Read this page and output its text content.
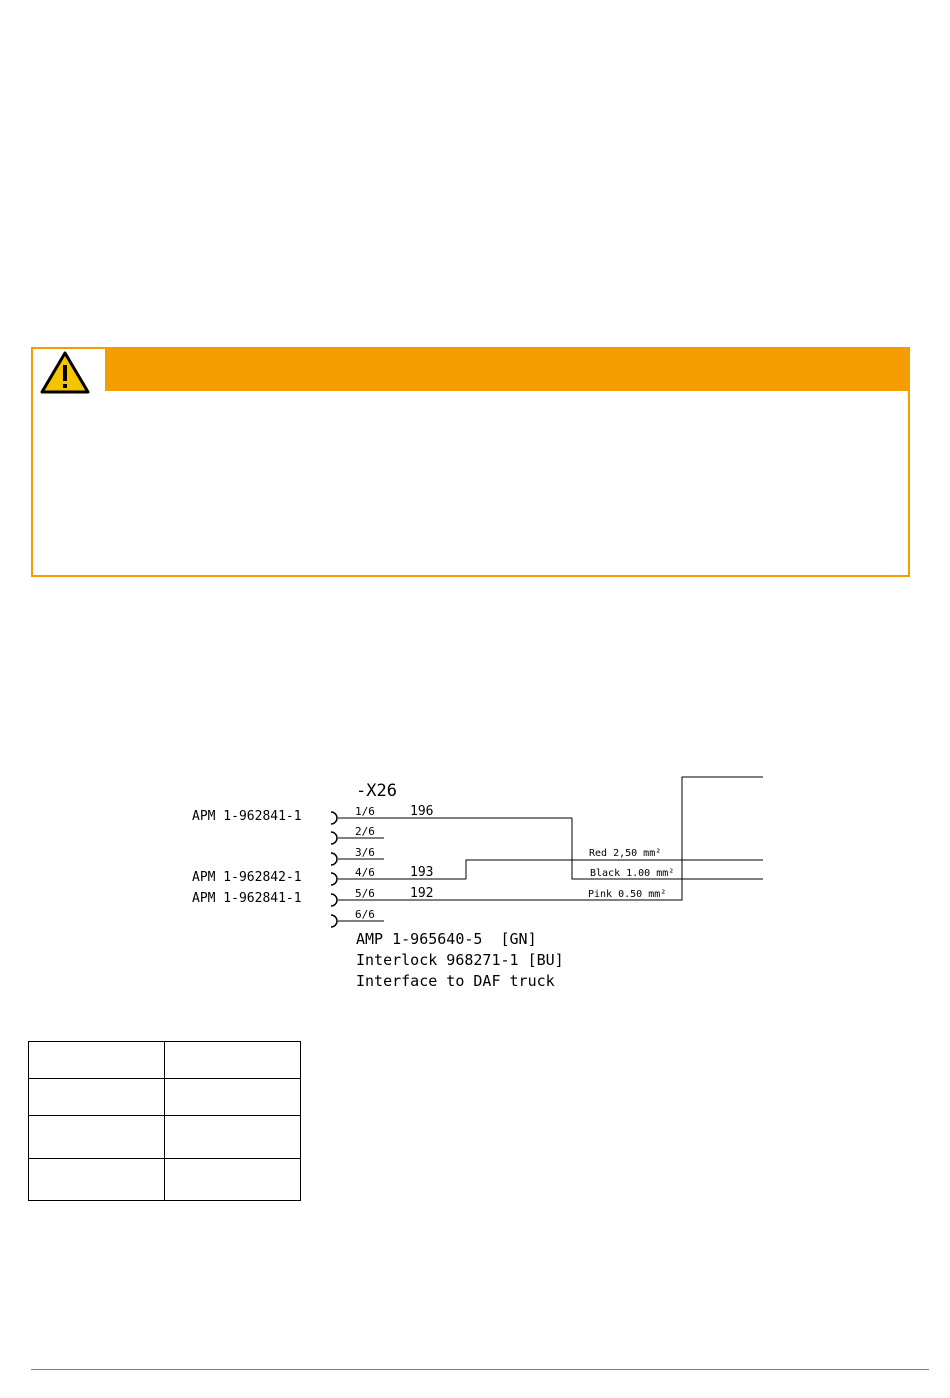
-X26
APM 1-962841-1
APM 1-962842-1
APM 1-962841-1
1/6
2/6
3/6
4/6
5/6
6/6
196
193
192
Red 2,50 mm²
Black 1.00 mm²
Pink 0.50 mm²
AMP 1-965640-5  [GN]
Interlock 968271-1 [BU]
Interface to DAF truck
